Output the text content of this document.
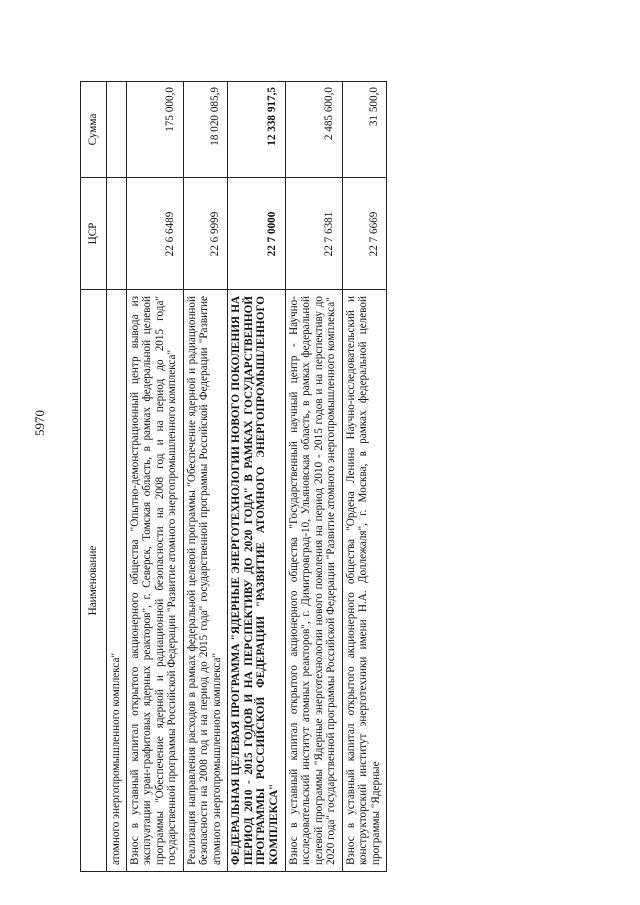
5970
Наименование	ЦСР	Сумма
атомного энергопромышленного комплекса"		
Взнос в уставный капитал открытого акционерного общества "Опытно-демонстрационный центр вывода из эксплуатации уран-графитовых ядерных реакторов", г. Северск, Томская область, в рамках федеральной целевой программы "Обеспечение ядерной и радиационной безопасности на 2008 год и на период до 2015 года" государственной программы Российской Федерации "Развитие атомного энергопромышленного комплекса"	22 6 6489	175 000,0
Реализация направления расходов в рамках федеральной целевой программы "Обеспечение ядерной и радиационной безопасности на 2008 год и на период до 2015 года" государственной программы Российской Федерации "Развитие атомного энергопромышленного комплекса"	22 6 9999	18 020 085,9
ФЕДЕРАЛЬНАЯ ЦЕЛЕВАЯ ПРОГРАММА "ЯДЕРНЫЕ ЭНЕРГОТЕХНОЛОГИИ НОВОГО ПОКОЛЕНИЯ НА ПЕРИОД 2010 - 2015 ГОДОВ И НА ПЕРСПЕКТИВУ ДО 2020 ГОДА" В РАМКАХ ГОСУДАРСТВЕННОЙ ПРОГРАММЫ РОССИЙСКОЙ ФЕДЕРАЦИИ "РАЗВИТИЕ АТОМНОГО ЭНЕРГОПРОМЫШЛЕННОГО КОМПЛЕКСА"	22 7 0000	12 338 917,5
Взнос в уставный капитал открытого акционерного общества "Государственный научный центр - Научно-исследовательский институт атомных реакторов", г. Димитровград-10, Ульяновская область, в рамках федеральной целевой программы "Ядерные энерготехнологии нового поколения на период 2010 - 2015 годов и на перспективу до 2020 года" государственной программы Российской Федерации "Развитие атомного энергопромышленного комплекса"	22 7 6381	2 485 600,0
Взнос в уставный капитал открытого акционерного общества "Ордена Ленина Научно-исследовательский и конструкторский институт энерготехники имени Н.А. Доллежаля", г. Москва, в рамках федеральной целевой программы "Ядерные	22 7 6669	31 500,0
